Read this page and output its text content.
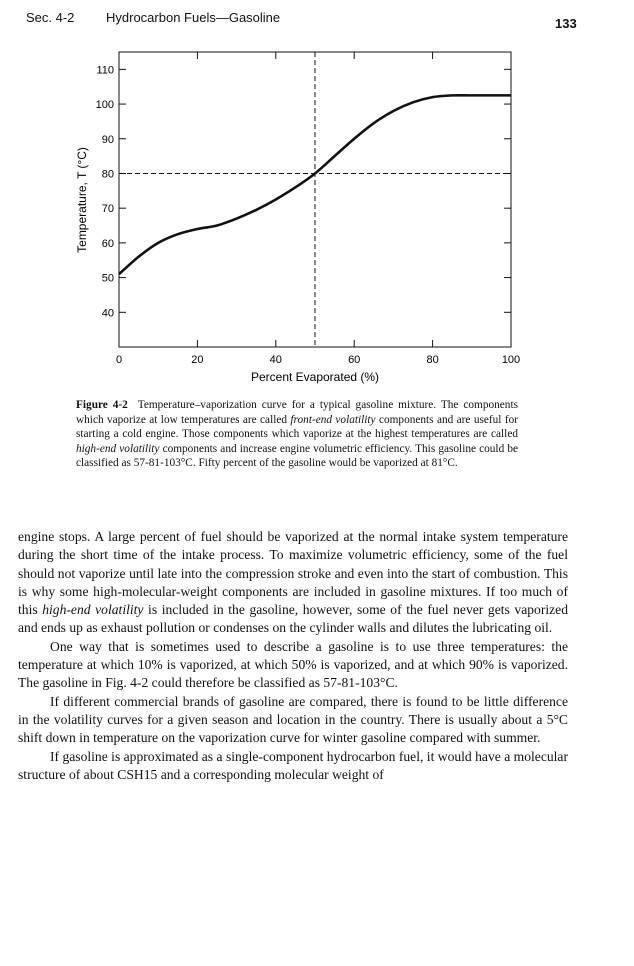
Sec. 4-2 Hydrocarbon Fuels—Gasoline	133
40
50
60
70
80
90
100
110
0	20	40	60	80	100
Percent Evaporated (%)
Temperature, T (°C)
Figure 4-2 Temperature–vaporization curve for a typical gasoline mixture. The components which vaporize at low temperatures are called front-end volatility components and are useful for starting a cold engine. Those components which vaporize at the highest temperatures are called high-end volatility components and increase engine volumetric efficiency. This gasoline could be classified as 57-81-103°C. Fifty percent of the gasoline would be vaporized at 81°C.

engine stops. A large percent of fuel should be vaporized at the normal intake system temperature during the short time of the intake process. To maximize volumetric efficiency, some of the fuel should not vaporize until late into the compression stroke and even into the start of combustion. This is why some high-molecular-weight components are included in gasoline mixtures. If too much of this high-end volatility is included in the gasoline, however, some of the fuel never gets vaporized and ends up as exhaust pollution or condenses on the cylinder walls and dilutes the lubricating oil.

One way that is sometimes used to describe a gasoline is to use three temperatures: the temperature at which 10% is vaporized, at which 50% is vaporized, and at which 90% is vaporized. The gasoline in Fig. 4-2 could therefore be classified as 57-81-103°C.

If different commercial brands of gasoline are compared, there is found to be little difference in the volatility curves for a given season and location in the country. There is usually about a 5°C shift down in temperature on the vaporization curve for winter gasoline compared with summer.

If gasoline is approximated as a single-component hydrocarbon fuel, it would have a molecular structure of about CSH15 and a corresponding molecular weight of
